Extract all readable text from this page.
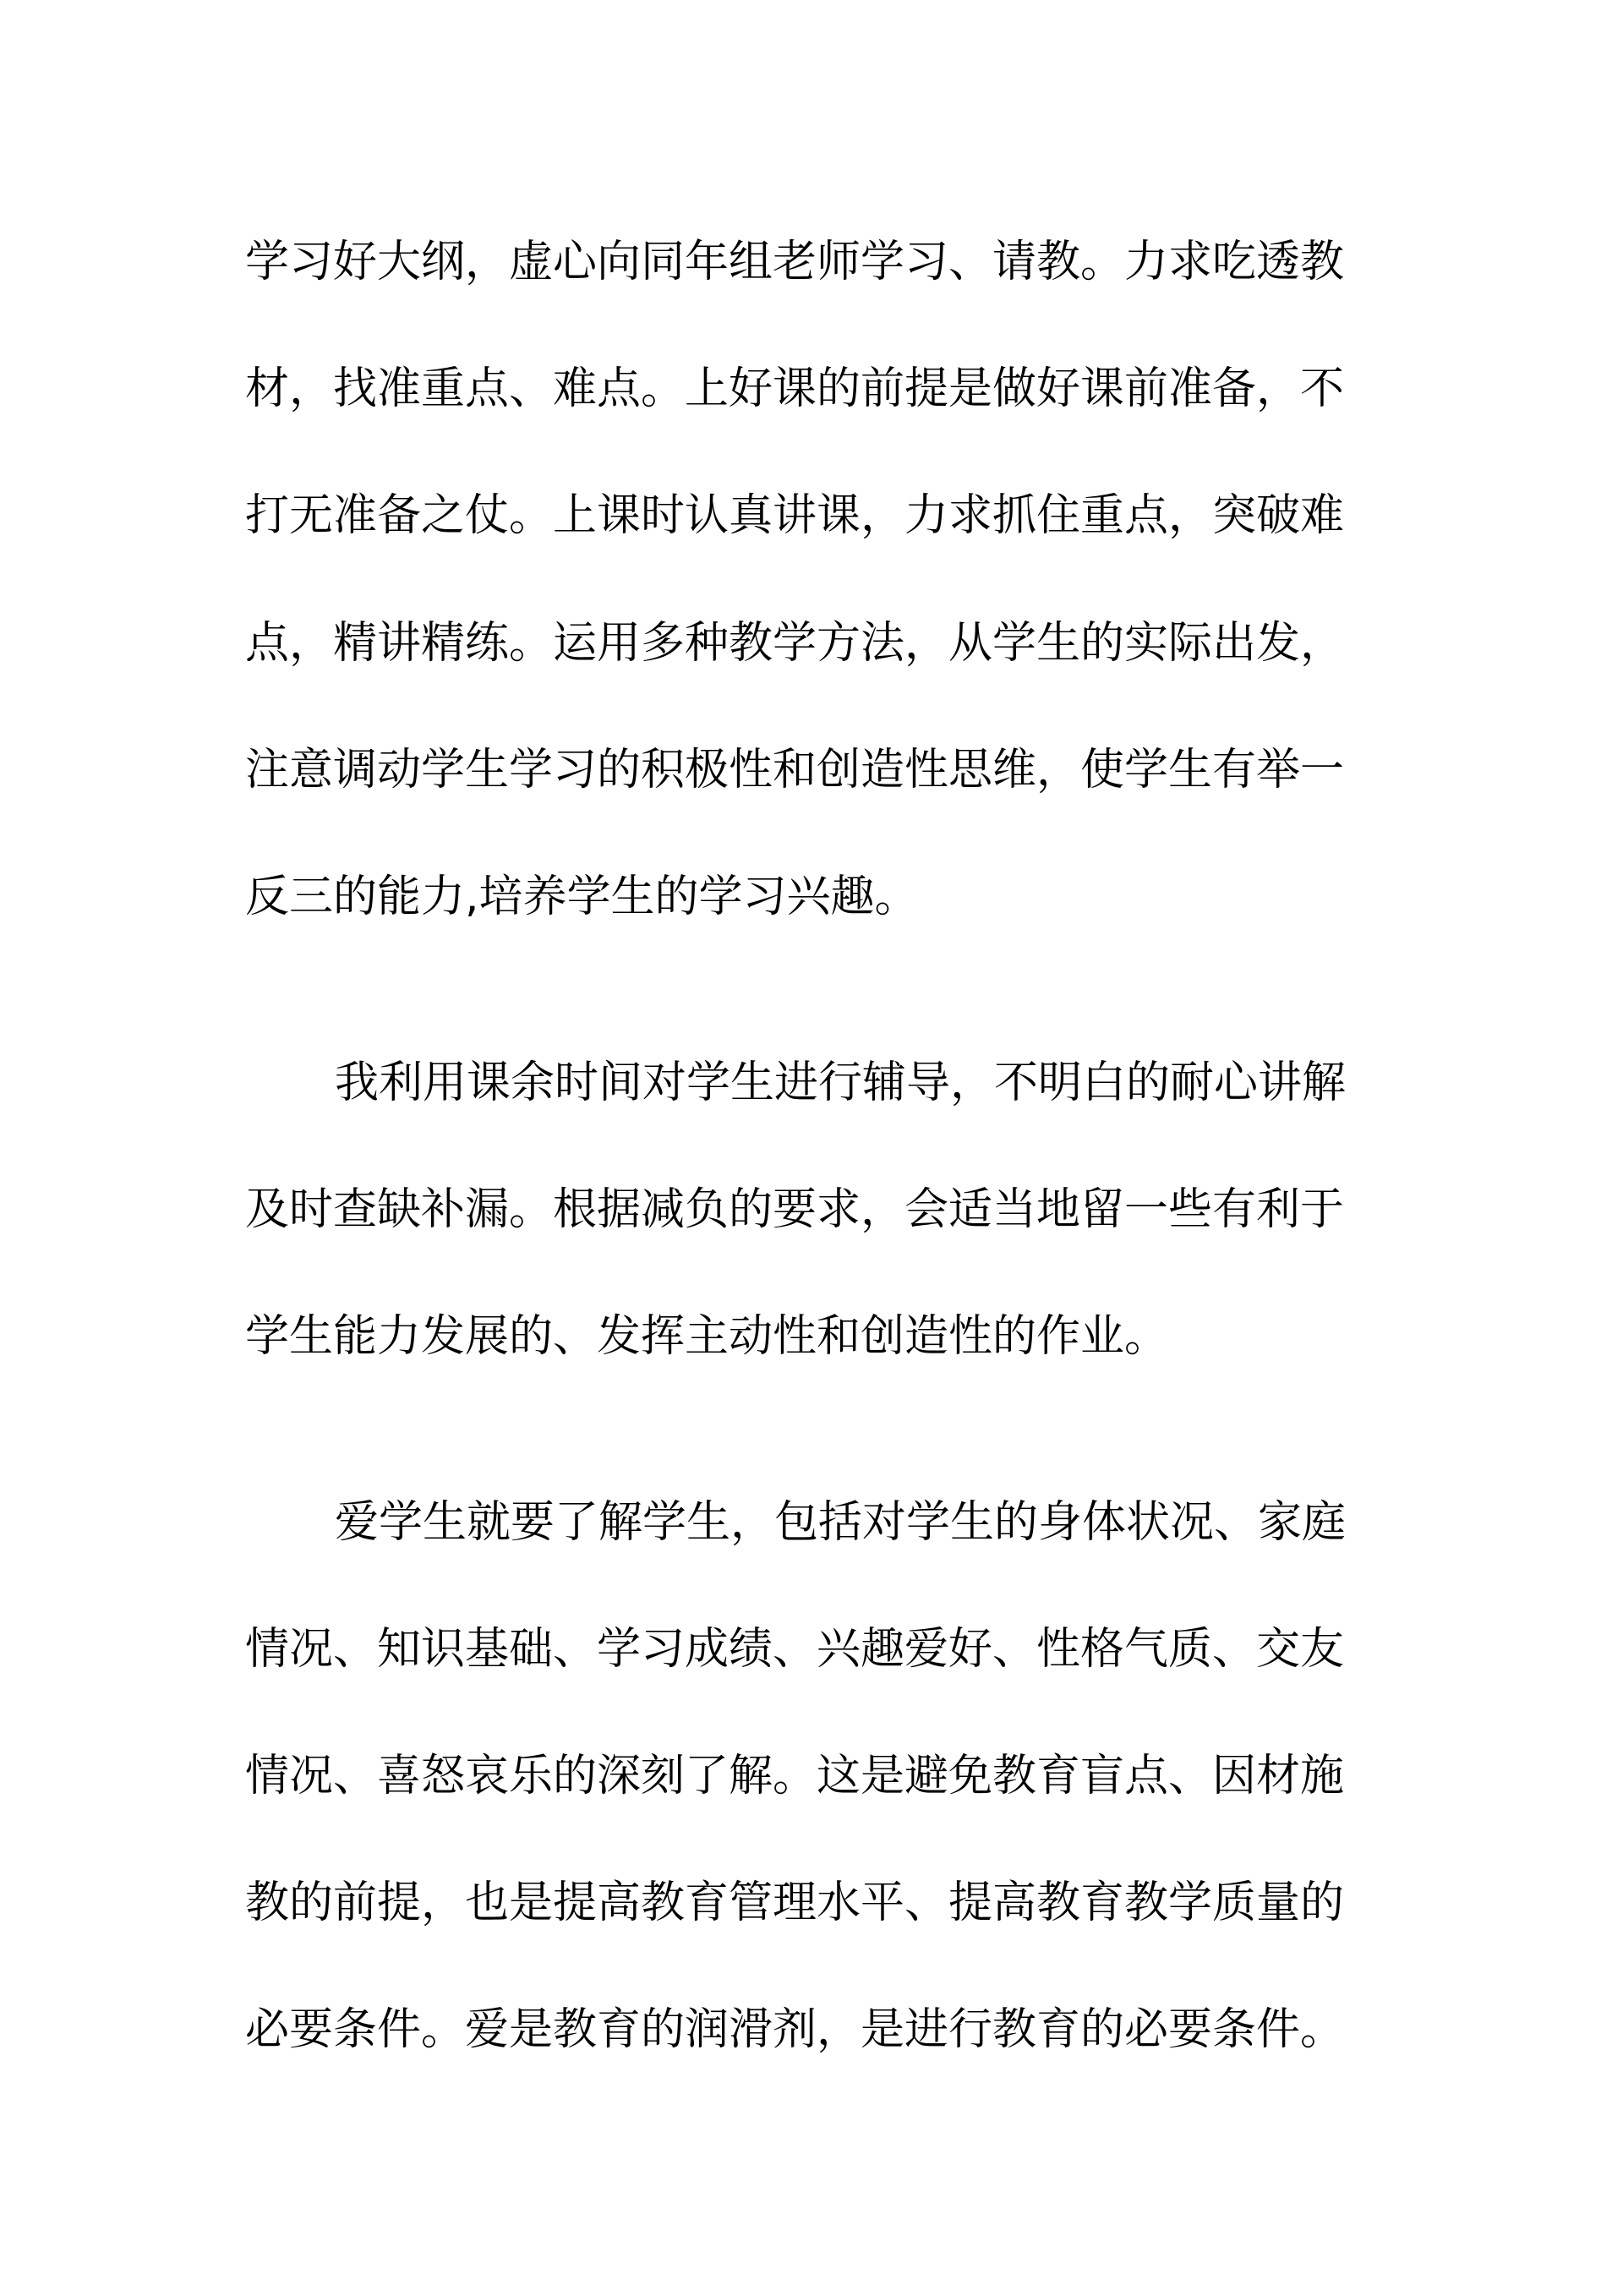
学习好大纲，虚心向同年组老师学习、请教。力求吃透教
材，找准重点、难点。上好课的前提是做好课前准备，不
打无准备之仗。上课时认真讲课，力求抓住重点，突破难
点，精讲精练。运用多种教学方法，从学生的实际出发，
注意调动学生学习的积极性和创造性思维，使学生有举一
反三的能力,培养学生的学习兴趣。
我利用课余时间对学生进行辅导，不明白的耐心讲解
及时查缺补漏。根据减负的要求，会适当地留一些有利于
学生能力发展的、发挥主动性和创造性的作业。
爱学生就要了解学生，包括对学生的身体状况、家庭
情况、知识基础、学习成绩、兴趣爱好、性格气质、交友
情况、喜怒哀乐的深刻了解。这是避免教育盲点、因材施
教的前提，也是提高教育管理水平、提高教育教学质量的
必要条件。爱是教育的润滑剂，是进行教育的必要条件。
